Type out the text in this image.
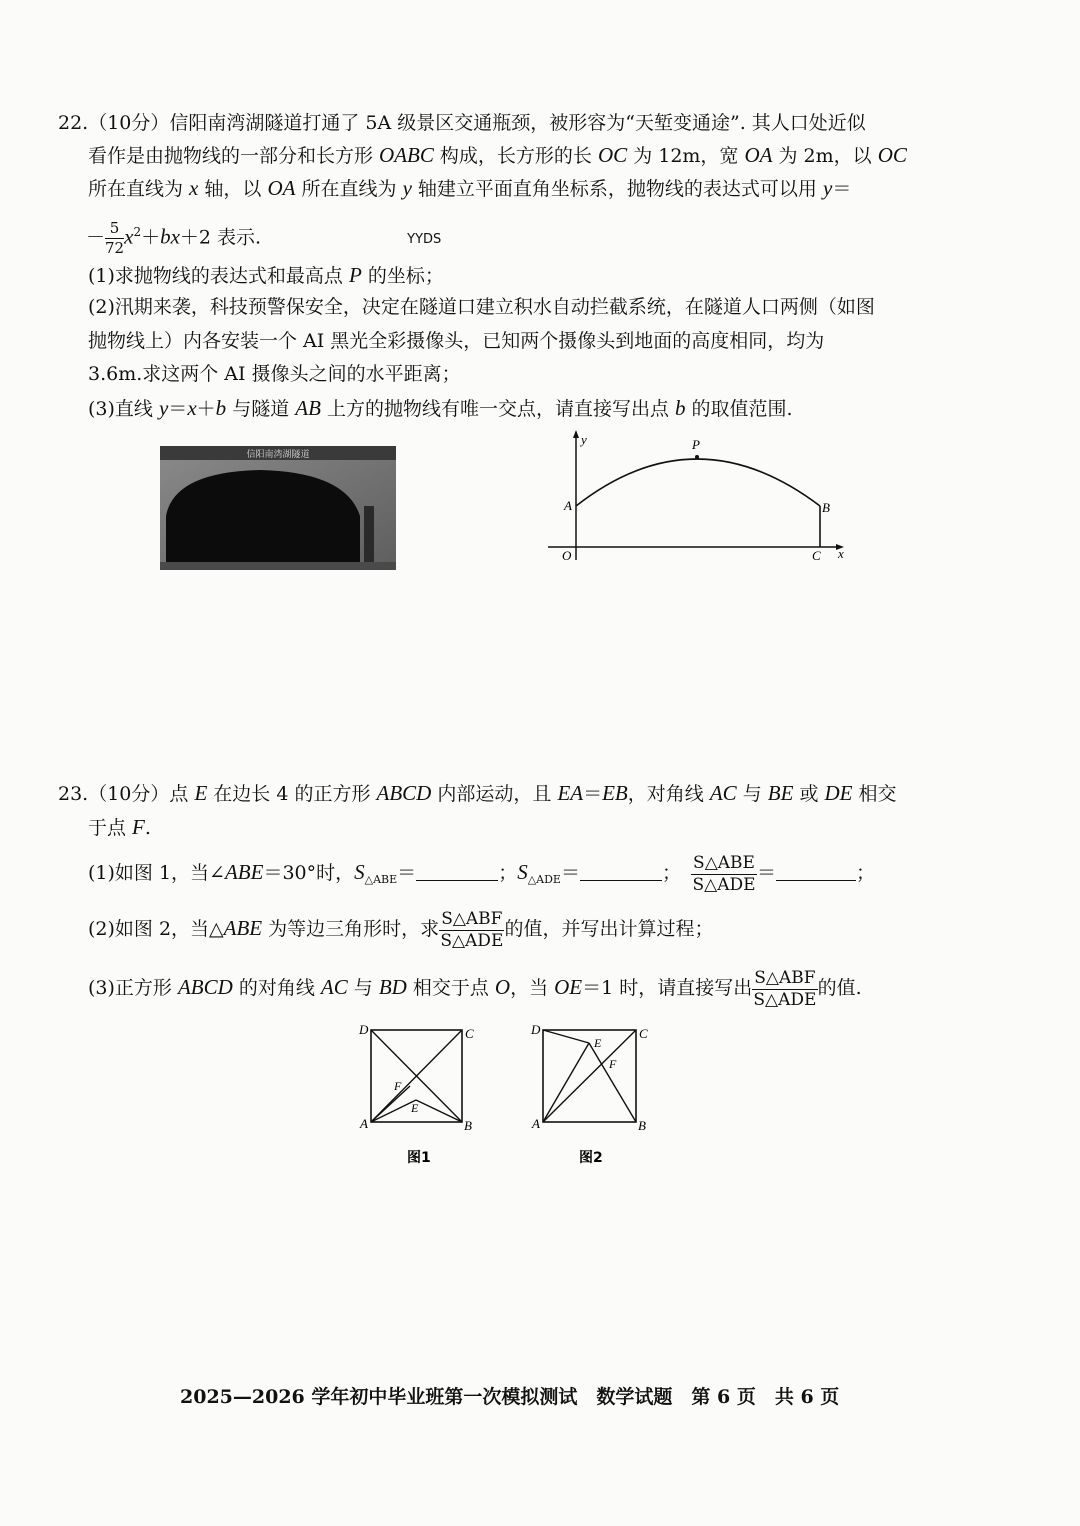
22.（10分）信阳南湾湖隧道打通了 5A 级景区交通瓶颈，被形容为“天堑变通途”. 其人口处近似
看作是由抛物线的一部分和长方形 OABC 构成，长方形的长 OC 为 12m，宽 OA 为 2m，以 OC
所在直线为 x 轴，以 OA 所在直线为 y 轴建立平面直角坐标系，抛物线的表达式可以用 y＝
－ $\frac{5}{72} x^2+bx+2$ 表示.	YYDS
(1)求抛物线的表达式和最高点 P 的坐标；
(2)汛期来袭，科技预警保安全，决定在隧道口建立积水自动拦截系统，在隧道人口两侧（如图
抛物线上）内各安装一个 AI 黑光全彩摄像头，已知两个摄像头到地面的高度相同，均为
3.6m.求这两个 AI 摄像头之间的水平距离；
(3)直线 y＝x＋b 与隧道 AB 上方的抛物线有唯一交点，请直接写出点 b 的取值范围.
信阳南湾湖隧道
y	P
A	B
O	C x
23.（10分）点 E 在边长 4 的正方形 ABCD 内部运动，且 EA＝EB，对角线 AC 与 BE 或 DE 相交
于点 F.
(1)如图 1，当∠ABE＝30°时，$S_{\triangle ABE}=$	；$S_{\triangle ADE}=$	； $\frac{\text{S△ABE}}{\text{S△ADE}}$ ＝	；
(2)如图 2，当△ABE 为等边三角形时，求 $\frac{\text{S△ABF}}{\text{S△ADE}}$ 的值，并写出计算过程；
(3)正方形 ABCD 的对角线 AC 与 BD 相交于点 O，当 OE＝1 时，请直接写出 $\frac{\text{S△ABF}}{\text{S△ADE}}$ 的值.
D	C
A	B
F
E
图1
D	C
A	B
E
F
图2
2025—2026 学年初中毕业班第一次模拟测试　数学试题　第 6 页　共 6 页
